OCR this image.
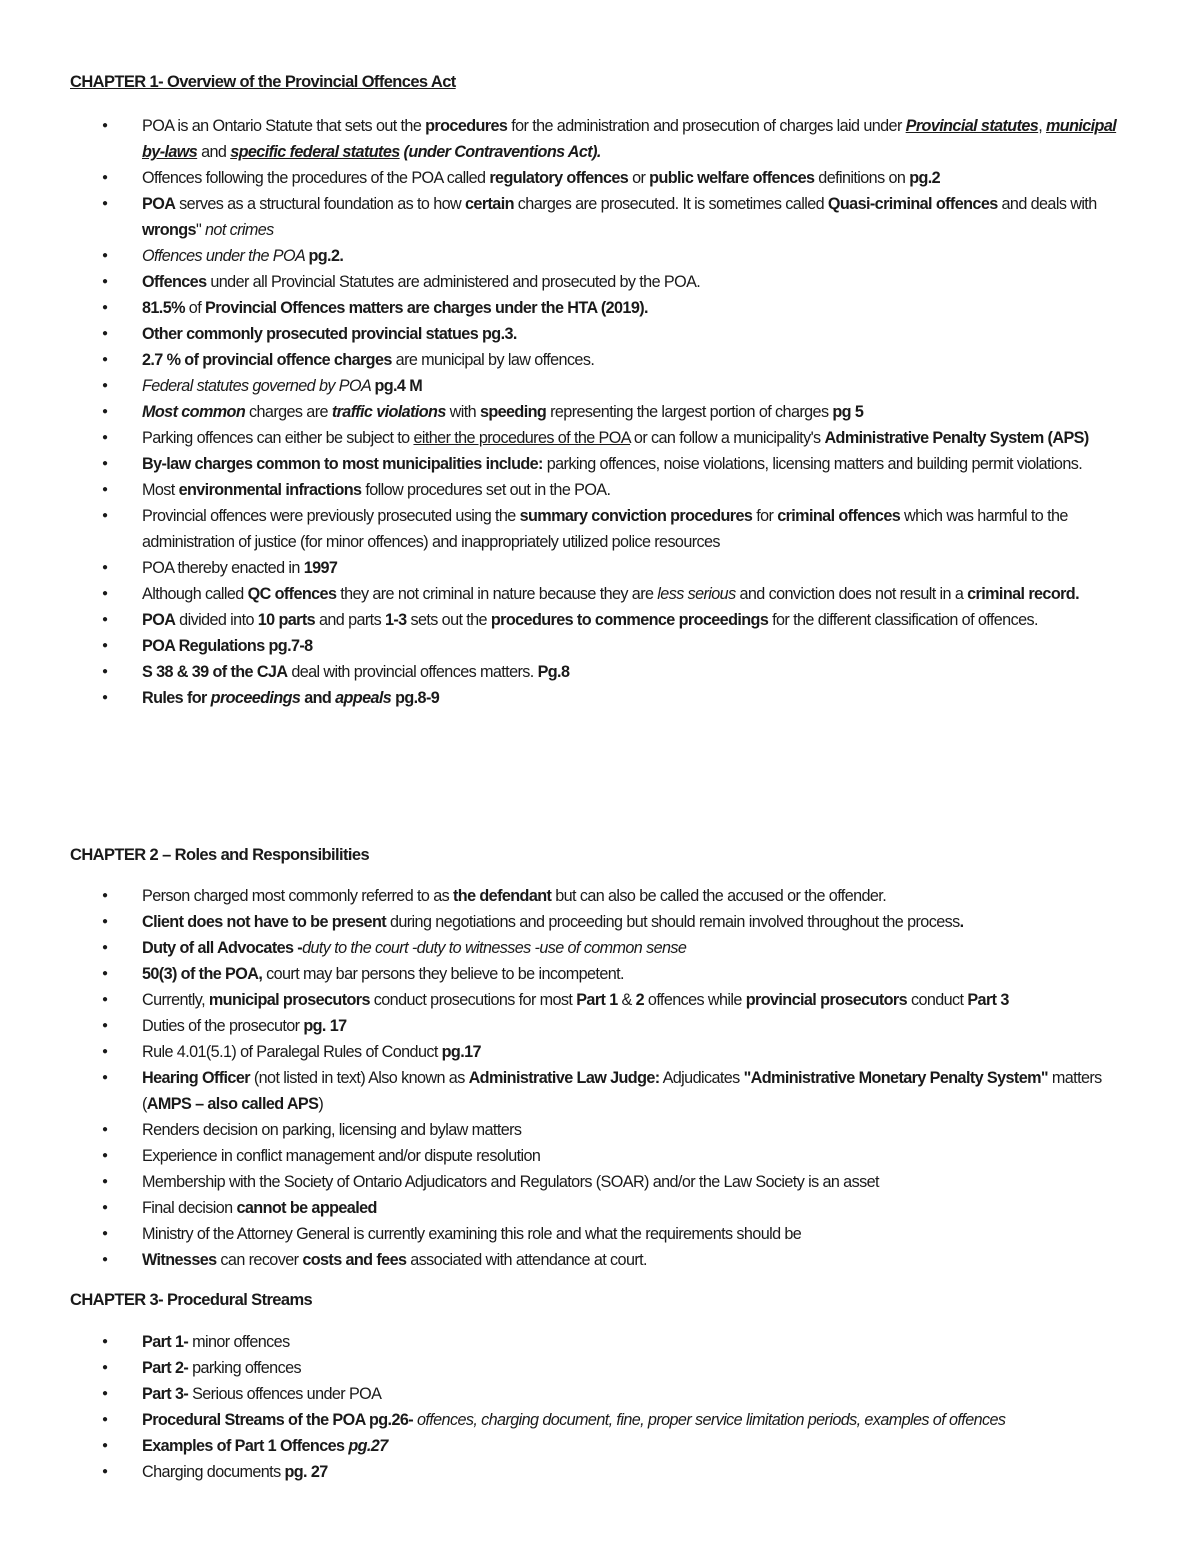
CHAPTER 1- Overview of the Provincial Offences Act
● POA is an Ontario Statute that sets out the procedures for the administration and prosecution of charges laid under Provincial statutes, municipal by-laws and specific federal statutes (under Contraventions Act).
● Offences following the procedures of the POA called regulatory offences or public welfare offences definitions on pg.2
● POA serves as a structural foundation as to how certain charges are prosecuted. It is sometimes called Quasi-criminal offences and deals with wrongs" not crimes
● Offences under the POA pg.2.
● Offences under all Provincial Statutes are administered and prosecuted by the POA.
● 81.5% of Provincial Offences matters are charges under the HTA (2019).
● Other commonly prosecuted provincial statues pg.3.
● 2.7 % of provincial offence charges are municipal by law offences.
● Federal statutes governed by POA pg.4 M
● Most common charges are traffic violations with speeding representing the largest portion of charges pg 5
● Parking offences can either be subject to either the procedures of the POA or can follow a municipality's Administrative Penalty System (APS)
● By-law charges common to most municipalities include: parking offences, noise violations, licensing matters and building permit violations.
● Most environmental infractions follow procedures set out in the POA.
● Provincial offences were previously prosecuted using the summary conviction procedures for criminal offences which was harmful to the administration of justice (for minor offences) and inappropriately utilized police resources
● POA thereby enacted in 1997
● Although called QC offences they are not criminal in nature because they are less serious and conviction does not result in a criminal record.
● POA divided into 10 parts and parts 1-3 sets out the procedures to commence proceedings for the different classification of offences.
● POA Regulations pg.7-8
● S 38 & 39 of the CJA deal with provincial offences matters. Pg.8
● Rules for proceedings and appeals pg.8-9
CHAPTER 2 – Roles and Responsibilities
● Person charged most commonly referred to as the defendant but can also be called the accused or the offender.
● Client does not have to be present during negotiations and proceeding but should remain involved throughout the process.
● Duty of all Advocates -duty to the court -duty to witnesses -use of common sense
● 50(3) of the POA, court may bar persons they believe to be incompetent.
● Currently, municipal prosecutors conduct prosecutions for most Part 1 & 2 offences while provincial prosecutors conduct Part 3
● Duties of the prosecutor pg. 17
● Rule 4.01(5.1) of Paralegal Rules of Conduct pg.17
● Hearing Officer (not listed in text) Also known as Administrative Law Judge: Adjudicates "Administrative Monetary Penalty System" matters (AMPS – also called APS)
● Renders decision on parking, licensing and bylaw matters
● Experience in conflict management and/or dispute resolution
● Membership with the Society of Ontario Adjudicators and Regulators (SOAR) and/or the Law Society is an asset
● Final decision cannot be appealed
● Ministry of the Attorney General is currently examining this role and what the requirements should be
● Witnesses can recover costs and fees associated with attendance at court.
CHAPTER 3- Procedural Streams
● Part 1- minor offences
● Part 2- parking offences
● Part 3- Serious offences under POA
● Procedural Streams of the POA pg.26- offences, charging document, fine, proper service limitation periods, examples of offences
● Examples of Part 1 Offences pg.27
● Charging documents pg. 27
